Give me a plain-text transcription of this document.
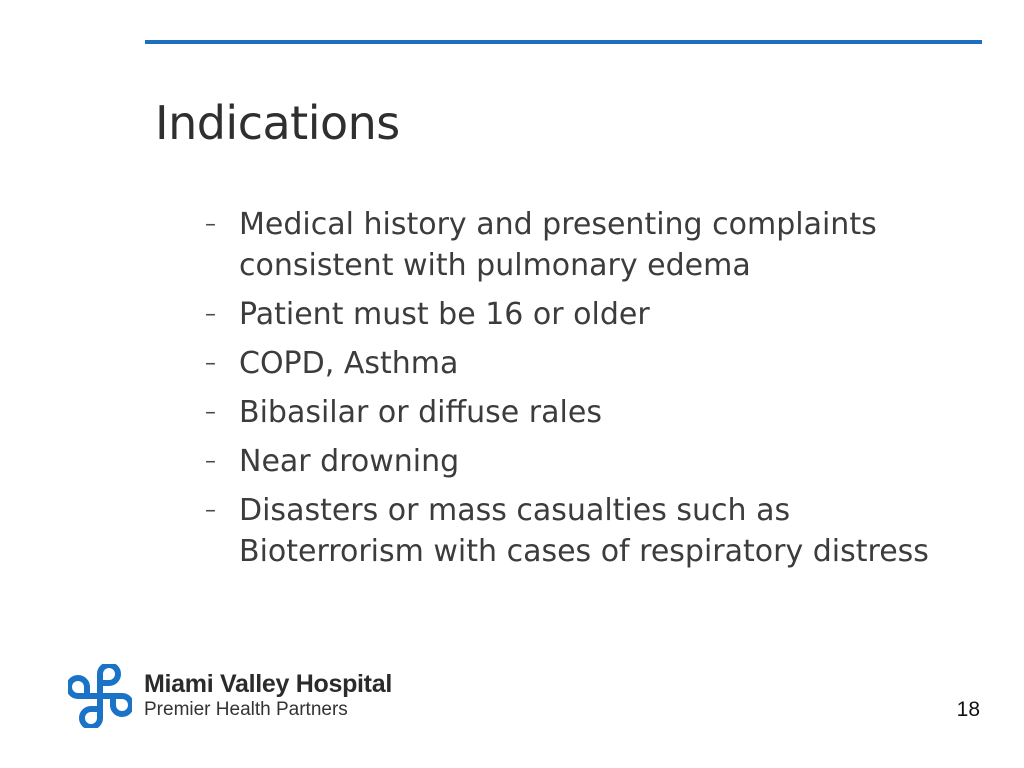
Indications
– Medical history and presenting complaints consistent with pulmonary edema
– Patient must be 16 or older
– COPD, Asthma
– Bibasilar or diffuse rales
– Near drowning
– Disasters or mass casualties such as Bioterrorism with cases of respiratory distress
Miami Valley Hospital
Premier Health Partners	18
